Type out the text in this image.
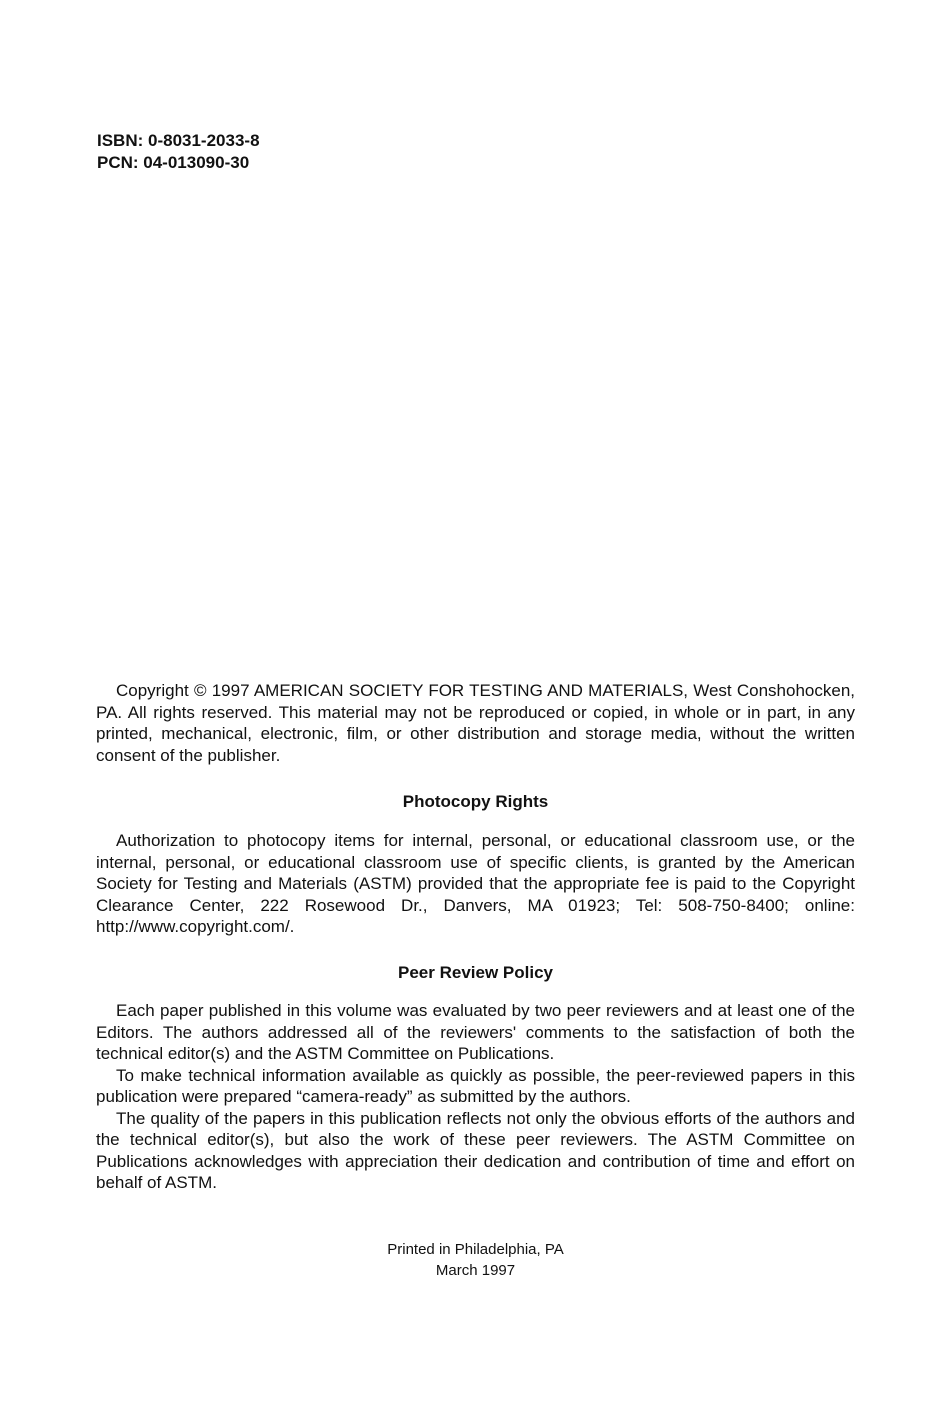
ISBN: 0-8031-2033-8
PCN: 04-013090-30
Copyright © 1997 AMERICAN SOCIETY FOR TESTING AND MATERIALS, West Conshohocken, PA. All rights reserved. This material may not be reproduced or copied, in whole or in part, in any printed, mechanical, electronic, film, or other distribution and storage media, without the written consent of the publisher.
Photocopy Rights
Authorization to photocopy items for internal, personal, or educational classroom use, or the internal, personal, or educational classroom use of specific clients, is granted by the American Society for Testing and Materials (ASTM) provided that the appropriate fee is paid to the Copyright Clearance Center, 222 Rosewood Dr., Danvers, MA 01923; Tel: 508-750-8400; online: http://www.copyright.com/.
Peer Review Policy

Each paper published in this volume was evaluated by two peer reviewers and at least one of the Editors. The authors addressed all of the reviewers' comments to the satisfaction of both the technical editor(s) and the ASTM Committee on Publications.

To make technical information available as quickly as possible, the peer-reviewed papers in this publication were prepared “camera-ready” as submitted by the authors.

The quality of the papers in this publication reflects not only the obvious efforts of the authors and the technical editor(s), but also the work of these peer reviewers. The ASTM Committee on Publications acknowledges with appreciation their dedication and contribution of time and effort on behalf of ASTM.

Printed in Philadelphia, PA
March 1997
